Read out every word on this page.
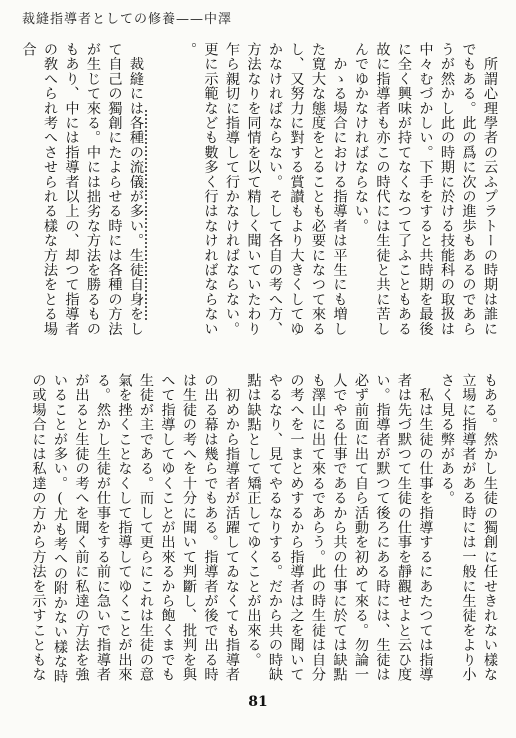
裁縫指導者としての修養——中澤
81
　所謂心理學者の云ふプラトーの時期は誰に
でもある。此の爲に次の進歩もあるのであら
うが然かし此の時期に於ける技能科の取扱は
中々むづかしい。下手をすると共時期を最後
に全く興味が持てなくなつて了ふこともある
故に指導者も亦この時代には生徒と共に苦し
んでゆかなければならない。
　かゝる場合における指導者は平生にも増し
た寛大な態度をとることも必要になつて來る
し、又努力に對する賞讃もより大きくしてゆ
かなければならない。そして各自の考へ方、
方法なりを同情を以て精しく聞いていたわり
乍ら親切に指導して行かなければならない。
更に示範なども數多く行はなければならない
。
　裁縫には各種の流儀が多い。生徒自身をし
て自己の獨創にたよらせる時には各種の方法
が生じて來る。中には拙劣な方法を勝るもの
もあり、中には指導者以上の、却つて指導者
の敎へられ考へさせられる樣な方法をとる場
合
もある。然かし生徒の獨創に任せきれない樣な
立場に指導者がある時には一般に生徒をより小
さく見る弊がある。
　私は生徒の仕事を指導するにあたつては指導
者は先づ默つて生徒の仕事を靜觀せよと云ひ度
い。指導者が默つて後ろにある時には、生徒は
必ず前面に出て自ら活動を初めて來る。勿論一
人でやる仕事であるから共の仕事に於ては缺點
も澤山に出て來るであらう。此の時生徒は自分
の考へを一まとめするから指導者は之を聞いて
やるなり、見てやるなりする。だから共の時缺
點は缺點として矯正してゆくことが出來る。
　初めから指導者が活躍してゐなくても指導者
の出る幕は幾らでもある。指導者が後で出る時
は生徒の考へを十分に聞いて判斷し、批判を與
へて指導してゆくことが出來るから飽くまでも
生徒が主である。而して更らにこれは生徒の意
氣を挫くことなくして指導してゆくことが出來
る。然かし生徒が仕事をする前に急いで指導者
が出ると生徒の考へを聞く前に私達の方法を強
いることが多い。(尤も考への附かない樣な時
の或場合には私達の方から方法を示すこともな
